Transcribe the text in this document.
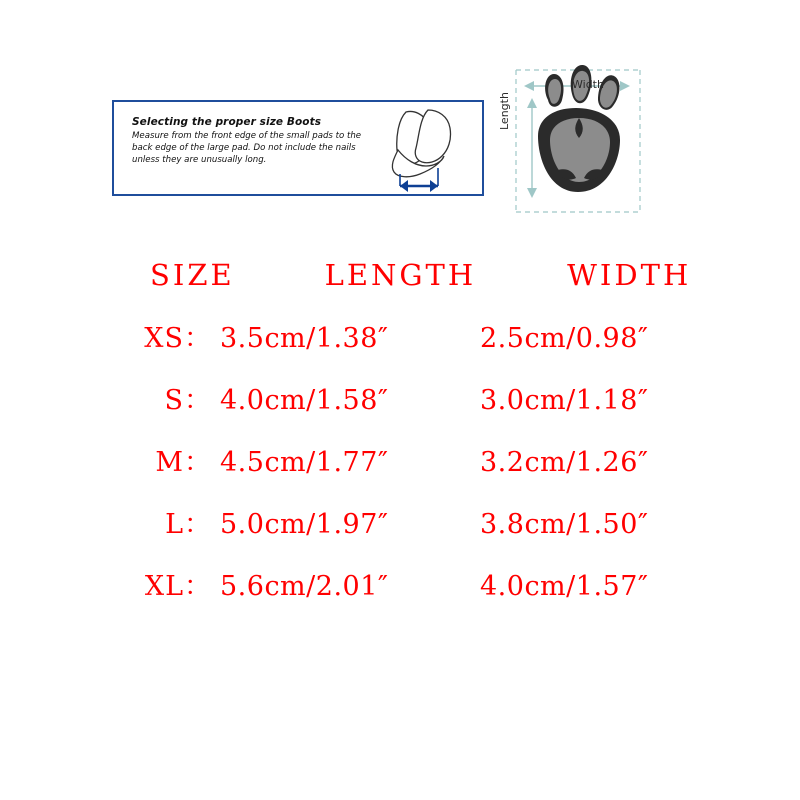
Selecting the proper size Boots
Measure from the front edge of the small pads to the back edge of the large pad. Do not include the nails unless they are unusually long.
Width
Length
SIZE	LENGTH	WIDTH
XS： 3.5cm/1.38″	2.5cm/0.98″
S： 4.0cm/1.58″	3.0cm/1.18″
M： 4.5cm/1.77″	3.2cm/1.26″
L： 5.0cm/1.97″	3.8cm/1.50″
XL： 5.6cm/2.01″	4.0cm/1.57″
